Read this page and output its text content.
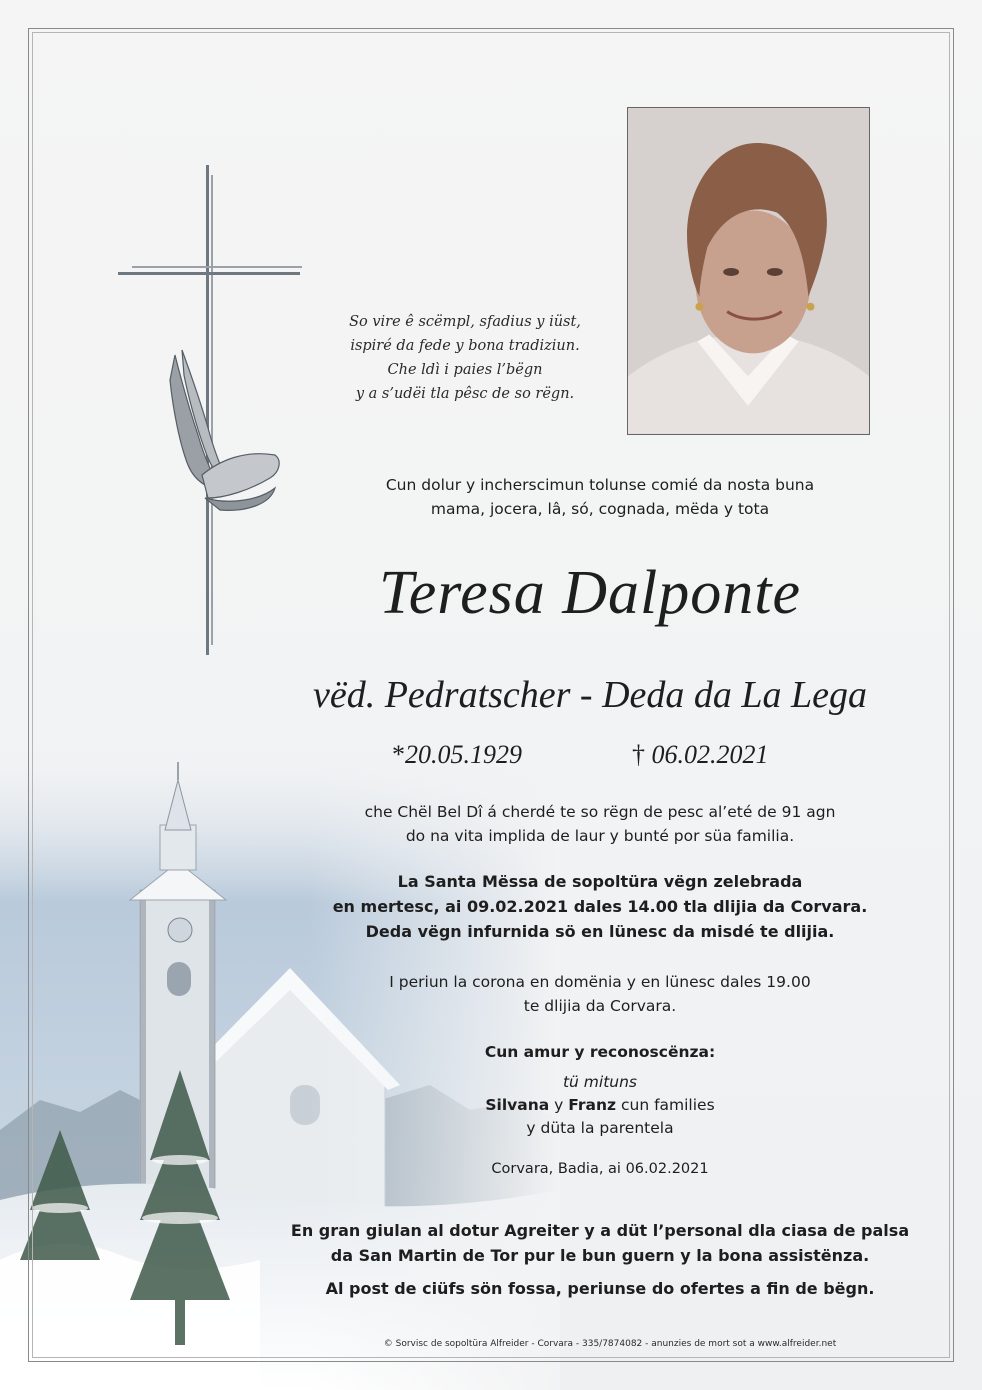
So vire ê scëmpl, sfadius y iüst,
ispiré da fede y bona tradiziun.
Che ldì i paies l’bëgn
y a s’udëi tla pêsc de so rëgn.
Cun dolur y incherscimun tolunse comié da nosta buna
mama, jocera, lâ, só, cognada, mëda y tota
Teresa Dalponte
vëd. Pedratscher - Deda da La Lega
*20.05.1929	† 06.02.2021
che Chël Bel Dî á cherdé te so rëgn de pesc al’eté de 91 agn
do na vita implida de laur y bunté por süa familia.
La Santa Mëssa de sopoltüra vëgn zelebrada
en mertesc, ai 09.02.2021 dales 14.00 tla dlijia da Corvara.
Deda vëgn infurnida sö en lünesc da misdé te dlijia.
I periun la corona en domënia y en lünesc dales 19.00
te dlijia da Corvara.
Cun amur y reconoscënza:
tü mituns
Silvana y Franz cun families
y düta la parentela
Corvara, Badia, ai 06.02.2021
En gran giulan al dotur Agreiter y a düt l’personal dla ciasa de palsa
da San Martin de Tor pur le bun guern y la bona assistënza.
Al post de ciüfs sön fossa, periunse do ofertes a fin de bëgn.
© Sorvisc de sopoltüra Alfreider - Corvara - 335/7874082 - anunzies de mort sot a www.alfreider.net
